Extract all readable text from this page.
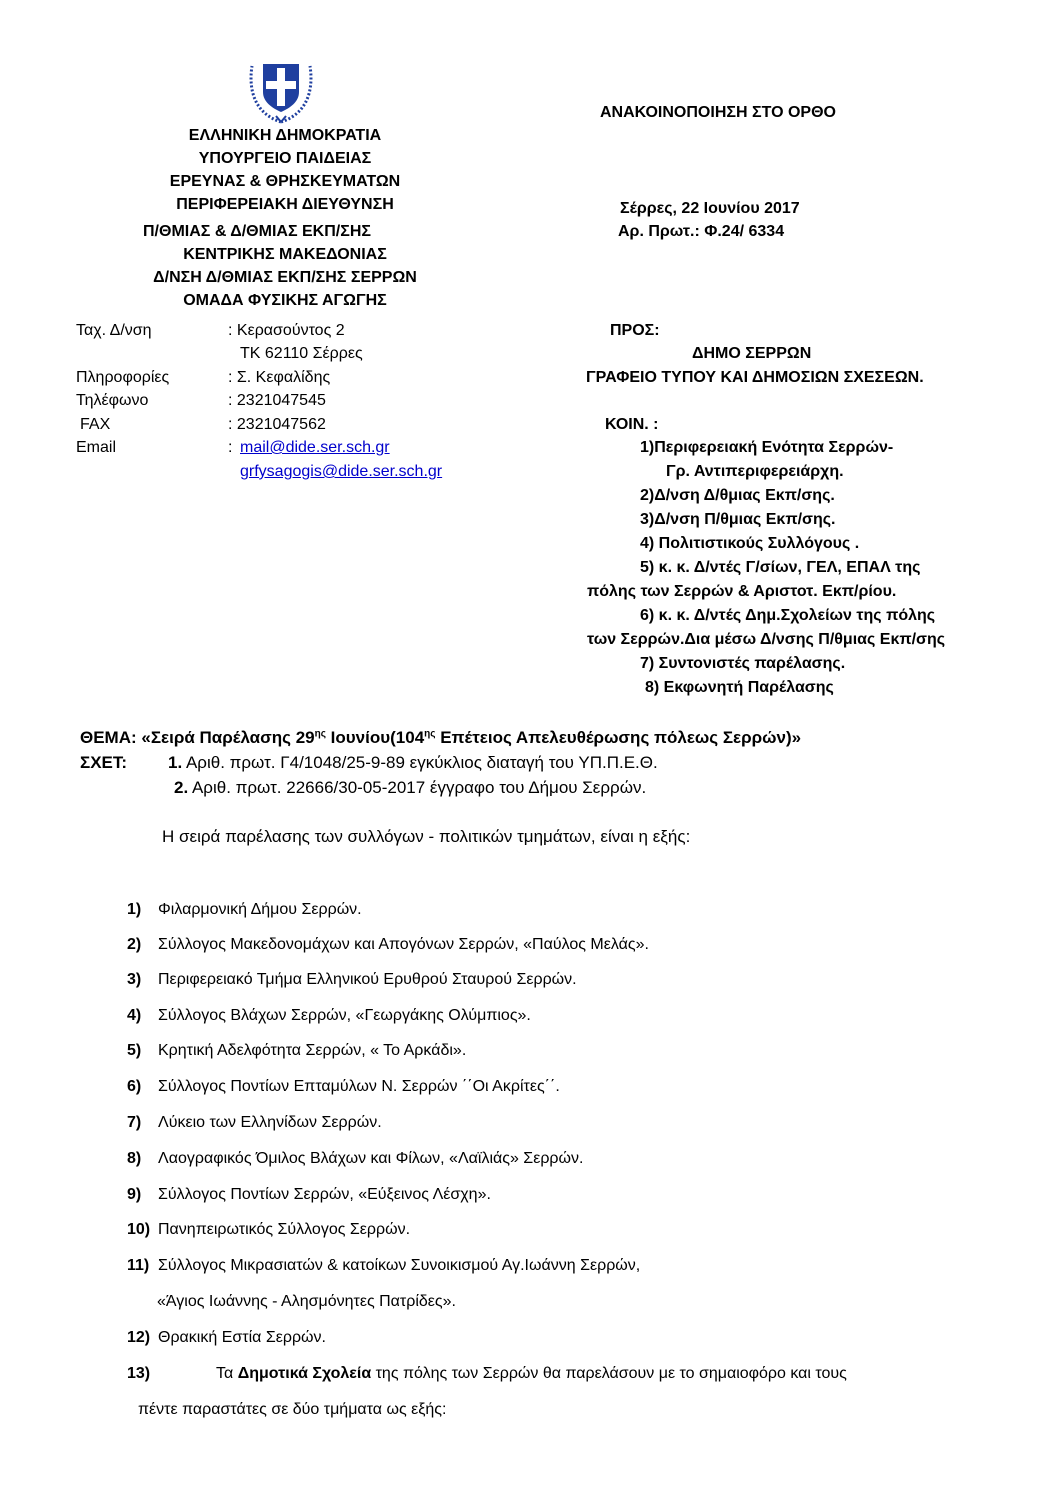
ΑΝΑΚΟΙΝΟΠΟΙΗΣΗ ΣΤΟ ΟΡΘΟ
ΕΛΛΗΝΙΚΗ ΔΗΜΟΚΡΑΤΙΑ
ΥΠΟΥΡΓΕΙΟ ΠΑΙΔΕΙΑΣ
ΕΡΕΥΝΑΣ & ΘΡΗΣΚΕΥΜΑΤΩΝ
ΠΕΡΙΦΕΡΕΙΑΚΗ ΔΙΕΥΘΥΝΣΗ
Π/ΘΜΙΑΣ & Δ/ΘΜΙΑΣ ΕΚΠ/ΣΗΣ
ΚΕΝΤΡΙΚΗΣ ΜΑΚΕΔΟΝΙΑΣ
Δ/ΝΣΗ Δ/ΘΜΙΑΣ ΕΚΠ/ΣΗΣ ΣΕΡΡΩΝ
ΟΜΑΔΑ ΦΥΣΙΚΗΣ ΑΓΩΓΗΣ
Σέρρες, 22 Ιουνίου 2017
Αρ. Πρωτ.: Φ.24/ 6334
Ταχ. Δ/νση	: Κερασούντος 2
ΤΚ 62110 Σέρρες
Πληροφορίες	: Σ. Κεφαλίδης
Τηλέφωνο	: 2321047545
FAX	: 2321047562
Email	: mail@dide.ser.sch.gr
grfysagogis@dide.ser.sch.gr
ΠΡΟΣ:
ΔΗΜΟ ΣΕΡΡΩΝ
ΓΡΑΦΕΙΟ ΤΥΠΟΥ ΚΑΙ ΔΗΜΟΣΙΩΝ ΣΧΕΣΕΩΝ.
ΚΟΙΝ. :
1)Περιφερειακή Ενότητα Σερρών-
Γρ. Αντιπεριφερειάρχη.
2)Δ/νση Δ/θμιας Εκπ/σης.
3)Δ/νση Π/θμιας Εκπ/σης.
4) Πολιτιστικούς Συλλόγους .
5) κ. κ. Δ/ντές Γ/σίων, ΓΕΛ, ΕΠΑΛ της
πόλης των Σερρών & Αριστοτ. Εκπ/ρίου.
6) κ. κ. Δ/ντές Δημ.Σχολείων της πόλης
των Σερρών.Δια μέσω Δ/νσης Π/θμιας Εκπ/σης
7) Συντονιστές παρέλασης.
8) Εκφωνητή Παρέλασης
ΘΕΜΑ: «Σειρά Παρέλασης $29^{\eta\varsigma}$ $Io\upsilon\nu ίo\upsilon(104^{\eta\varsigma}$ Επέτειος Απελευθέρωσης πόλεως Σερρών)»
ΣΧΕΤ: 1. Αριθ. πρωτ. Γ4/1048/25-9-89 εγκύκλιος διαταγή του ΥΠ.Π.Ε.Θ.
2. Αριθ. πρωτ. 22666/30-05-2017 έγγραφο του Δήμου Σερρών.
Η σειρά παρέλασης των συλλόγων - πολιτικών τμημάτων, είναι η εξής:
1) Φιλαρμονική Δήμου Σερρών.
2) Σύλλογος Μακεδονομάχων και Απογόνων Σερρών, «Παύλος Μελάς».
3) Περιφερειακό Τμήμα Ελληνικού Ερυθρού Σταυρού Σερρών.
4) Σύλλογος Βλάχων Σερρών, «Γεωργάκης Ολύμπιος».
5) Κρητική Αδελφότητα Σερρών, « Το Αρκάδι».
6) Σύλλογος Ποντίων Επταμύλων Ν. Σερρών ΄΄Οι Ακρίτες΄΄.
7) Λύκειο των Ελληνίδων Σερρών.
8) Λαογραφικός Όμιλος Βλάχων και Φίλων, «Λαϊλιάς» Σερρών.
9) Σύλλογος Ποντίων Σερρών, «Εύξεινος Λέσχη».
10) Πανηπειρωτικός Σύλλογος Σερρών.
11) Σύλλογος Μικρασιατών & κατοίκων Συνοικισμού Αγ.Ιωάννη Σερρών,
«Άγιος Ιωάννης - Αλησμόνητες Πατρίδες».
12) Θρακική Εστία Σερρών.
13)	Τα Δημοτικά Σχολεία της πόλης των Σερρών θα παρελάσουν με το σημαιοφόρο και τους
πέντε παραστάτες σε δύο τμήματα ως εξής:
